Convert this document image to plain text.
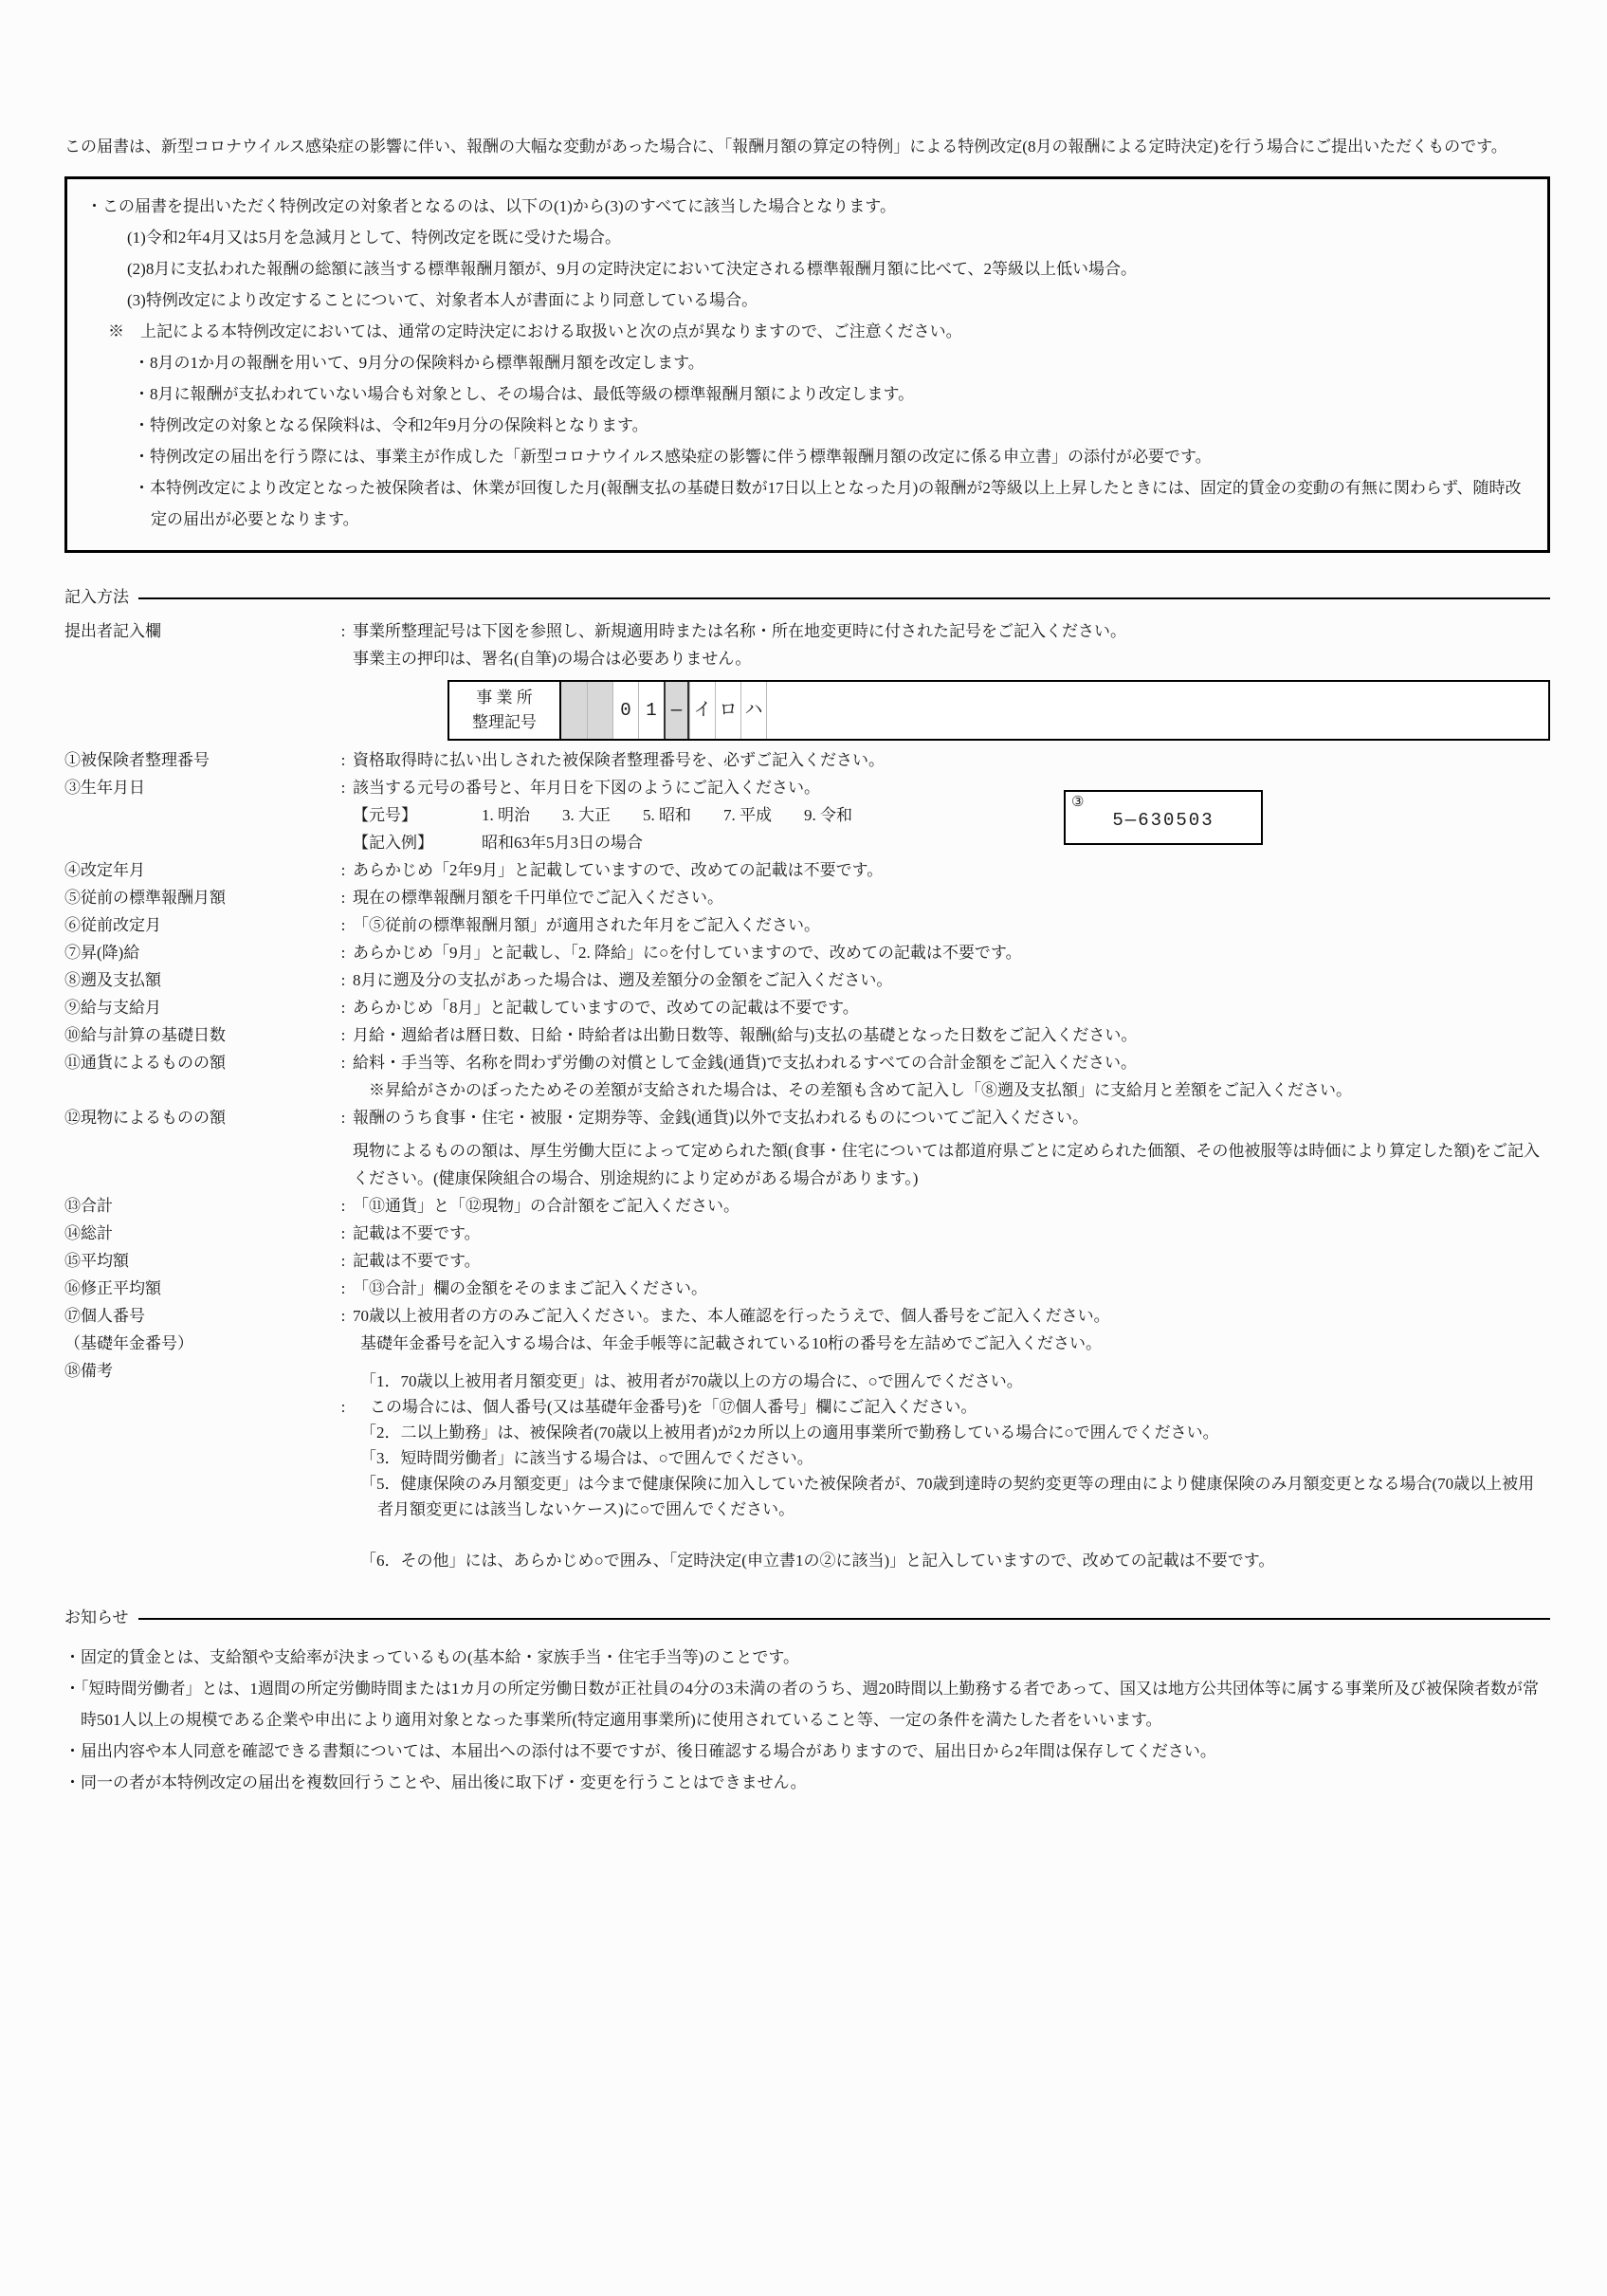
この届書は、新型コロナウイルス感染症の影響に伴い、報酬の大幅な変動があった場合に、「報酬月額の算定の特例」による特例改定(8月の報酬による定時決定)を行う場合にご提出いただくものです。

・この届書を提出いただく特例改定の対象者となるのは、以下の(1)から(3)のすべてに該当した場合となります。
(1)令和2年4月又は5月を急減月として、特例改定を既に受けた場合。
(2)8月に支払われた報酬の総額に該当する標準報酬月額が、9月の定時決定において決定される標準報酬月額に比べて、2等級以上低い場合。
(3)特例改定により改定することについて、対象者本人が書面により同意している場合。
※　上記による本特例改定においては、通常の定時決定における取扱いと次の点が異なりますので、ご注意ください。
・8月の1か月の報酬を用いて、9月分の保険料から標準報酬月額を改定します。
・8月に報酬が支払われていない場合も対象とし、その場合は、最低等級の標準報酬月額により改定します。
・特例改定の対象となる保険料は、令和2年9月分の保険料となります。
・特例改定の届出を行う際には、事業主が作成した「新型コロナウイルス感染症の影響に伴う標準報酬月額の改定に係る申立書」の添付が必要です。
・本特例改定により改定となった被保険者は、休業が回復した月(報酬支払の基礎日数が17日以上となった月)の報酬が2等級以上上昇したときには、固定的賃金の変動の有無に関わらず、随時改定の届出が必要となります。
記入方法
提出者記入欄	: 事業所整理記号は下図を参照し、新規適用時または名称・所在地変更時に付された記号をご記入ください。
事業主の押印は、署名(自筆)の場合は必要ありません。
事 業 所
整理記号
0 1 — イ ロ ハ
①被保険者整理番号	: 資格取得時に払い出しされた被保険者整理番号を、必ずご記入ください。
③生年月日	: 該当する元号の番号と、年月日を下図のようにご記入ください。
【元号】	1. 明治　　3. 大正　　5. 昭和　　7. 平成　　9. 令和
【記入例】	昭和63年5月3日の場合
③
5—630503
④改定年月	: あらかじめ「2年9月」と記載していますので、改めての記載は不要です。
⑤従前の標準報酬月額	: 現在の標準報酬月額を千円単位でご記入ください。
⑥従前改定月	: 「⑤従前の標準報酬月額」が適用された年月をご記入ください。
⑦昇(降)給	: あらかじめ「9月」と記載し、「2. 降給」に○を付していますので、改めての記載は不要です。
⑧遡及支払額	: 8月に遡及分の支払があった場合は、遡及差額分の金額をご記入ください。
⑨給与支給月	: あらかじめ「8月」と記載していますので、改めての記載は不要です。
⑩給与計算の基礎日数	: 月給・週給者は暦日数、日給・時給者は出勤日数等、報酬(給与)支払の基礎となった日数をご記入ください。
⑪通貨によるものの額	: 給料・手当等、名称を問わず労働の対償として金銭(通貨)で支払われるすべての合計金額をご記入ください。
※昇給がさかのぼったためその差額が支給された場合は、その差額も含めて記入し「⑧遡及支払額」に支給月と差額をご記入ください。
⑫現物によるものの額	: 報酬のうち食事・住宅・被服・定期券等、金銭(通貨)以外で支払われるものについてご記入ください。
現物によるものの額は、厚生労働大臣によって定められた額(食事・住宅については都道府県ごとに定められた価額、その他被服等は時価により算定した額)をご記入ください。(健康保険組合の場合、別途規約により定めがある場合があります。)
⑬合計	: 「⑪通貨」と「⑫現物」の合計額をご記入ください。
⑭総計	: 記載は不要です。
⑮平均額	: 記載は不要です。
⑯修正平均額	: 「⑬合計」欄の金額をそのままご記入ください。
⑰個人番号
（基礎年金番号）
: 70歳以上被用者の方のみご記入ください。また、本人確認を行ったうえで、個人番号をご記入ください。
基礎年金番号を記入する場合は、年金手帳等に記載されている10桁の番号を左詰めでご記入ください。
⑱備考
:
「1．70歳以上被用者月額変更」は、被用者が70歳以上の方の場合に、○で囲んでください。
この場合には、個人番号(又は基礎年金番号)を「⑰個人番号」欄にご記入ください。
「2．二以上勤務」は、被保険者(70歳以上被用者)が2カ所以上の適用事業所で勤務している場合に○で囲んでください。
「3．短時間労働者」に該当する場合は、○で囲んでください。
「5．健康保険のみ月額変更」は今まで健康保険に加入していた被保険者が、70歳到達時の契約変更等の理由により健康保険のみ月額変更となる場合(70歳以上被用者月額変更には該当しないケース)に○で囲んでください。
「6．その他」には、あらかじめ○で囲み、「定時決定(申立書1の②に該当)」と記入していますので、改めての記載は不要です。
お知らせ
・固定的賃金とは、支給額や支給率が決まっているもの(基本給・家族手当・住宅手当等)のことです。
・「短時間労働者」とは、1週間の所定労働時間または1カ月の所定労働日数が正社員の4分の3未満の者のうち、週20時間以上勤務する者であって、国又は地方公共団体等に属する事業所及び被保険者数が常時501人以上の規模である企業や申出により適用対象となった事業所(特定適用事業所)に使用されていること等、一定の条件を満たした者をいいます。
・届出内容や本人同意を確認できる書類については、本届出への添付は不要ですが、後日確認する場合がありますので、届出日から2年間は保存してください。
・同一の者が本特例改定の届出を複数回行うことや、届出後に取下げ・変更を行うことはできません。
